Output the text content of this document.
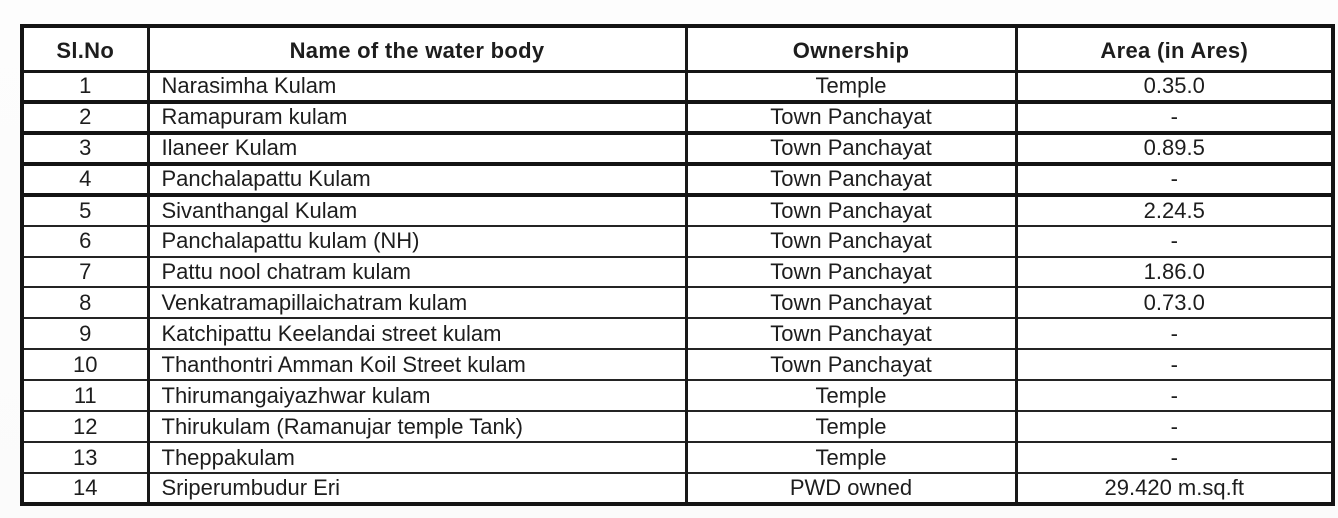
Sl.No	Name of the water body	Ownership	Area (in Ares)
1	Narasimha Kulam	Temple	0.35.0
2	Ramapuram kulam	Town Panchayat	-
3	Ilaneer Kulam	Town Panchayat	0.89.5
4	Panchalapattu Kulam	Town Panchayat	-
5	Sivanthangal Kulam	Town Panchayat	2.24.5
6	Panchalapattu kulam (NH)	Town Panchayat	-
7	Pattu nool chatram kulam	Town Panchayat	1.86.0
8	Venkatramapillaichatram kulam	Town Panchayat	0.73.0
9	Katchipattu Keelandai street kulam	Town Panchayat	-
10	Thanthontri Amman Koil Street kulam	Town Panchayat	-
11	Thirumangaiyazhwar kulam	Temple	-
12	Thirukulam (Ramanujar temple Tank)	Temple	-
13	Theppakulam	Temple	-
14	Sriperumbudur Eri	PWD owned	29.420 m.sq.ft
